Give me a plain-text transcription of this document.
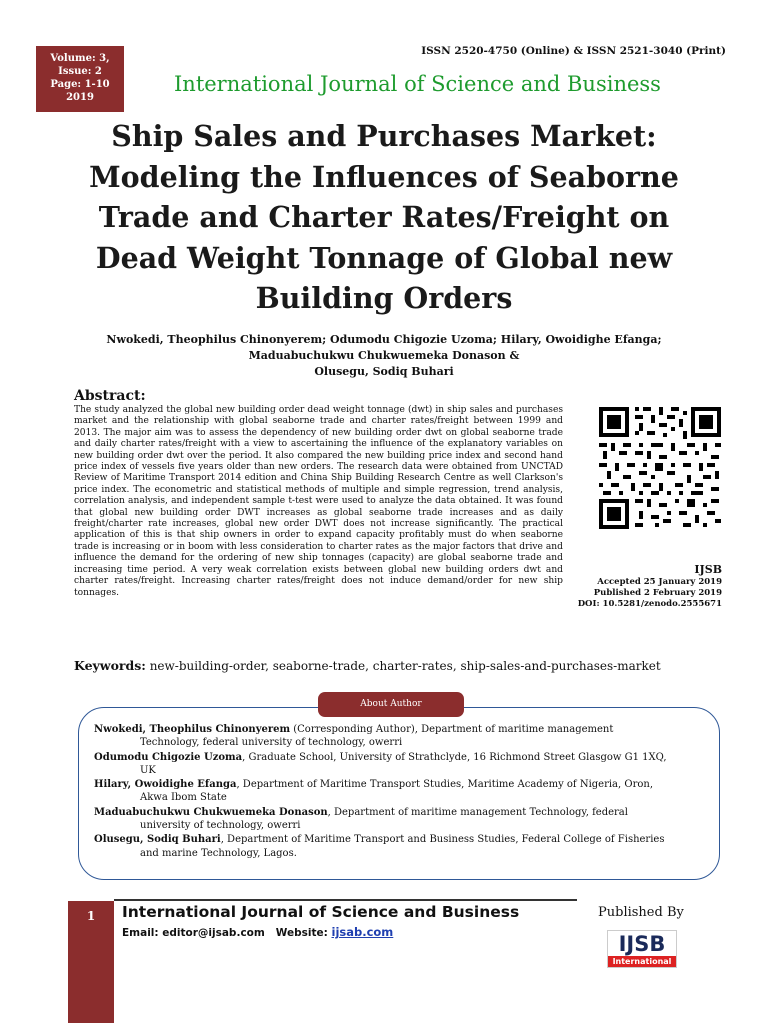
Volume: 3, Issue: 2
Page: 1-10
2019
ISSN 2520-4750 (Online) & ISSN 2521-3040 (Print)
International Journal of Science and Business
Ship Sales and Purchases Market:
Modeling the Influences of Seaborne
Trade and Charter Rates/Freight on
Dead Weight Tonnage of Global new
Building Orders
Nwokedi, Theophilus Chinonyerem; Odumodu Chigozie Uzoma; Hilary, Owoidighe Efanga;
Maduabuchukwu Chukwuemeka Donason &
Olusegu, Sodiq Buhari
Abstract:
The study analyzed the global new building order dead weight tonnage (dwt) in ship sales and purchases market and the relationship with global seaborne trade and charter rates/freight between 1999 and 2013. The major aim was to assess the dependency of new building order dwt on global seaborne trade and daily charter rates/freight with a view to ascertaining the influence of the explanatory variables on new building order dwt over the period. It also compared the new building price index and second hand price index of vessels five years older than new orders. The research data were obtained from UNCTAD Review of Maritime Transport 2014 edition and China Ship Building Research Centre as well Clarkson's price index. The econometric and statistical methods of multiple and simple regression, trend analysis, correlation analysis, and independent sample t-test were used to analyze the data obtained. It was found that global new building order DWT increases as global seaborne trade increases and as daily freight/charter rate increases, global new order DWT does not increase significantly. The practical application of this is that ship owners in order to expand capacity profitably must do when seaborne trade is increasing or in boom with less consideration to charter rates as the major factors that drive and influence the demand for the ordering of new ship tonnages (capacity) are global seaborne trade and increasing time period. A very weak correlation exists between global new building orders dwt and charter rates/freight. Increasing charter rates/freight does not induce demand/order for new ship tonnages.
IJSB
Accepted 25 January 2019
Published 2 February 2019
DOI: 10.5281/zenodo.2555671
Keywords: new-building-order, seaborne-trade, charter-rates, ship-sales-and-purchases-market
About Author
Nwokedi, Theophilus Chinonyerem (Corresponding Author), Department of maritime management
Technology, federal university of technology, owerri
Odumodu Chigozie Uzoma, Graduate School, University of Strathclyde, 16 Richmond Street Glasgow G1 1XQ,
UK
Hilary, Owoidighe Efanga, Department of Maritime Transport Studies, Maritime Academy of Nigeria, Oron,
Akwa Ibom State
Maduabuchukwu Chukwuemeka Donason, Department of maritime management Technology, federal
university of technology, owerri
Olusegu, Sodiq Buhari, Department of Maritime Transport and Business Studies, Federal College of Fisheries
and marine Technology, Lagos.
1	International Journal of Science and Business
Email: editor@ijsab.com Website: ijsab.com
Published By
IJSB
International
